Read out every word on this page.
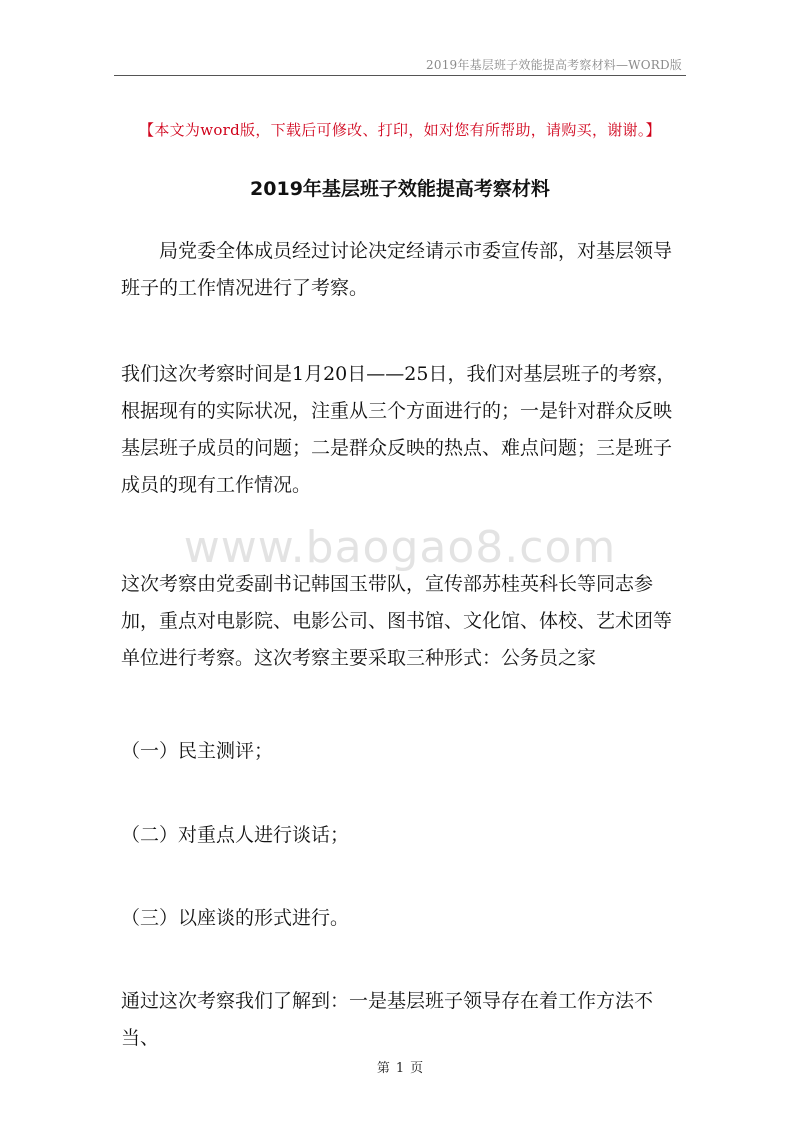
2019年基层班子效能提高考察材料—WORD版
【本文为word版，下载后可修改、打印，如对您有所帮助，请购买，谢谢。】
2019年基层班子效能提高考察材料

局党委全体成员经过讨论决定经请示市委宣传部，对基层领导班子的工作情况进行了考察。

我们这次考察时间是1月20日——25日，我们对基层班子的考察，根据现有的实际状况，注重从三个方面进行的；一是针对群众反映基层班子成员的问题；二是群众反映的热点、难点问题；三是班子成员的现有工作情况。

www.baogao8.com

这次考察由党委副书记韩国玉带队，宣传部苏桂英科长等同志参加，重点对电影院、电影公司、图书馆、文化馆、体校、艺术团等单位进行考察。这次考察主要采取三种形式：公务员之家

（一）民主测评；

（二）对重点人进行谈话；

（三）以座谈的形式进行。

通过这次考察我们了解到：一是基层班子领导存在着工作方法不当、

第 1 页
